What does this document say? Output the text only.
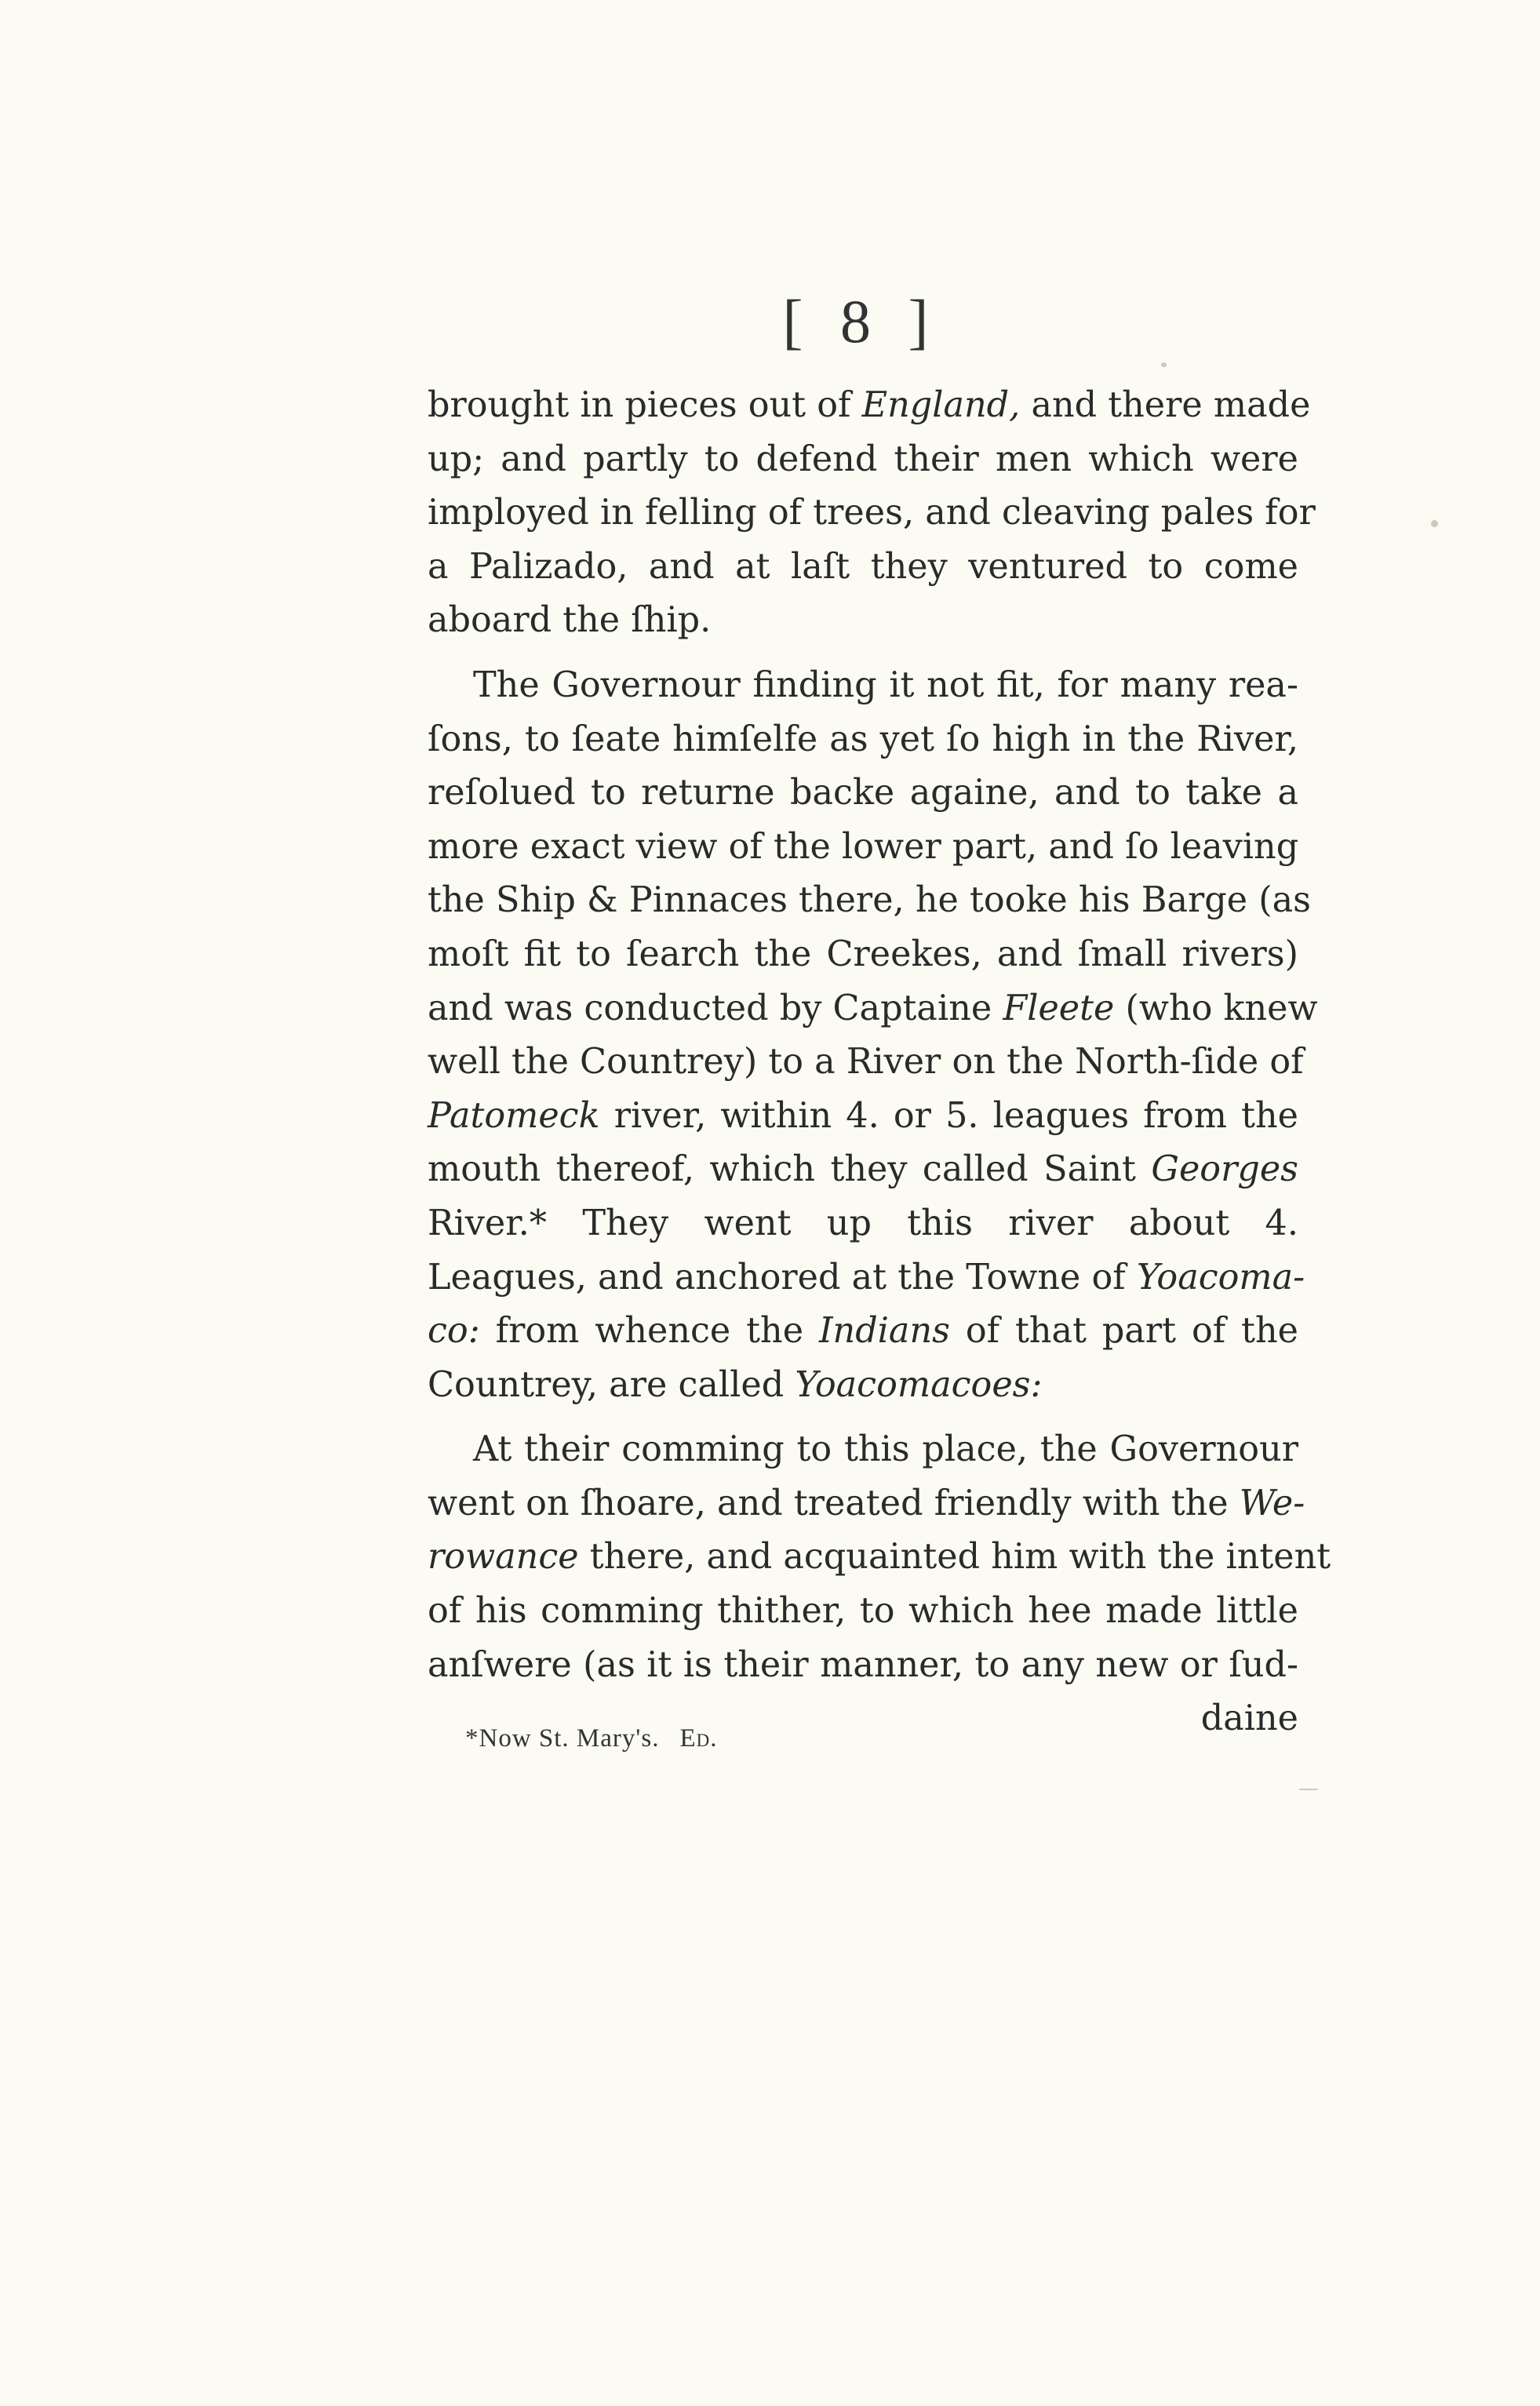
[ 8 ]
brought in pieces out of England, and there made
up; and partly to defend their men which were
imployed in felling of trees, and cleaving pales for
a Palizado, and at laſt they ventured to come
aboard the ſhip.
The Governour finding it not fit, for many rea-
ſons, to ſeate himſelfe as yet ſo high in the River,
reſolued to returne backe againe, and to take a
more exact view of the lower part, and ſo leaving
the Ship & Pinnaces there, he tooke his Barge (as
moſt fit to ſearch the Creekes, and ſmall rivers)
and was conducted by Captaine Fleete (who knew
well the Countrey) to a River on the North-ſide of
Patomeck river, within 4. or 5. leagues from the
mouth thereof, which they called Saint Georges
River.* They went up this river about 4.
Leagues, and anchored at the Towne of Yoacoma-
co: from whence the Indians of that part of the
Countrey, are called Yoacomacoes:
At their comming to this place, the Governour
went on ſhoare, and treated friendly with the We-
rowance there, and acquainted him with the intent
of his comming thither, to which hee made little
anſwere (as it is their manner, to any new or ſud-
daine
*Now St. Mary's. Ed.
